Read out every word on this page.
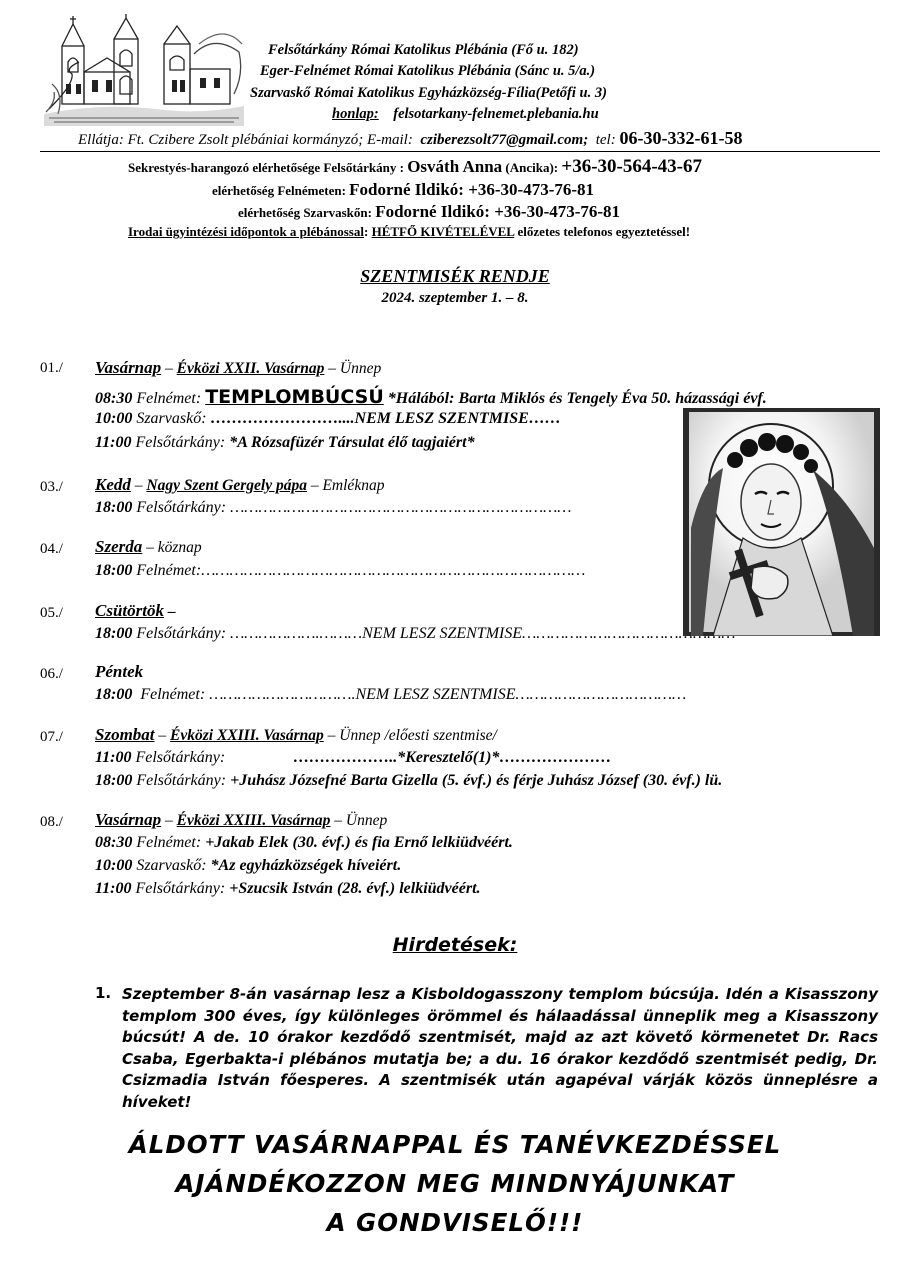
Felsőtárkány Római Katolikus Plébánia (Fő u. 182)
Eger-Felnémet Római Katolikus Plébánia (Sánc u. 5/a.)
Szarvaskő Római Katolikus Egyházközség-Fília(Petőfi u. 3)
honlap: felsotarkany-felnemet.plebania.hu
Ellátja: Ft. Czibere Zsolt plébániai kormányzó; E-mail: cziberezsolt77@gmail.com; tel: 06-30-332-61-58
Sekrestyés-harangozó elérhetősége Felsőtárkány : Osváth Anna (Ancika): +36-30-564-43-67
elérhetőség Felnémeten: Fodorné Ildikó: +36-30-473-76-81
elérhetőség Szarvaskőn: Fodorné Ildikó: +36-30-473-76-81
Irodai ügyintézési időpontok a plébánossal: HÉTFŐ KIVÉTELÉVEL előzetes telefonos egyeztetéssel!
SZENTMISÉK RENDJE
2024. szeptember 1. – 8.
01./ Vasárnap – Évközi XXII. Vasárnap – Ünnep
08:30 Felnémet: TEMPLOMBÚCSÚ *Hálából: Barta Miklós és Tengely Éva 50. házassági évf.
10:00 Szarvaskő: ……………………....NEM LESZ SZENTMISE……
11:00 Felsőtárkány: *A Rózsafüzér Társulat élő tagjaiért*
03./ Kedd – Nagy Szent Gergely pápa – Emléknap
18:00 Felsőtárkány: ………………………………………………………………
04./ Szerda – köznap
18:00 Felnémet:………………………………………………………………………
05./ Csütörtök –
18:00 Felsőtárkány: ……………….………NEM LESZ SZENTMISE………………………………………
06./ Péntek
18:00  Felnémet: ………………………….NEM LESZ SZENTMISE………………………………
07./ Szombat – Évközi XXIII. Vasárnap – Ünnep /előesti szentmise/
11:00 Felsőtárkány:                 ………………..*Keresztelő(1)*…………………
18:00 Felsőtárkány: +Juhász Józsefné Barta Gizella (5. évf.) és férje Juhász József (30. évf.) lü.
08./ Vasárnap – Évközi XXIII. Vasárnap – Ünnep
08:30 Felnémet: +Jakab Elek (30. évf.) és fia Ernő lelkiüdvéért.
10:00 Szarvaskő: *Az egyházközségek híveiért.
11:00 Felsőtárkány: +Szucsik István (28. évf.) lelkiüdvéért.
Hirdetések:
1. Szeptember 8-án vasárnap lesz a Kisboldogasszony templom búcsúja. Idén a Kisasszony templom 300 éves, így különleges örömmel és hálaadással ünneplik meg a Kisasszony búcsút! A de. 10 órakor kezdődő szentmisét, majd az azt követő körmenetet Dr. Racs Csaba, Egerbakta-i plébános mutatja be; a du. 16 órakor kezdődő szentmisét pedig, Dr. Csizmadia István főesperes. A szentmisék után agapéval várják közös ünneplésre a híveket!
ÁLDOTT VASÁRNAPPAL ÉS TANÉVKEZDÉSSEL
AJÁNDÉKOZZON MEG MINDNYÁJUNKAT
A GONDVISELŐ!!!
